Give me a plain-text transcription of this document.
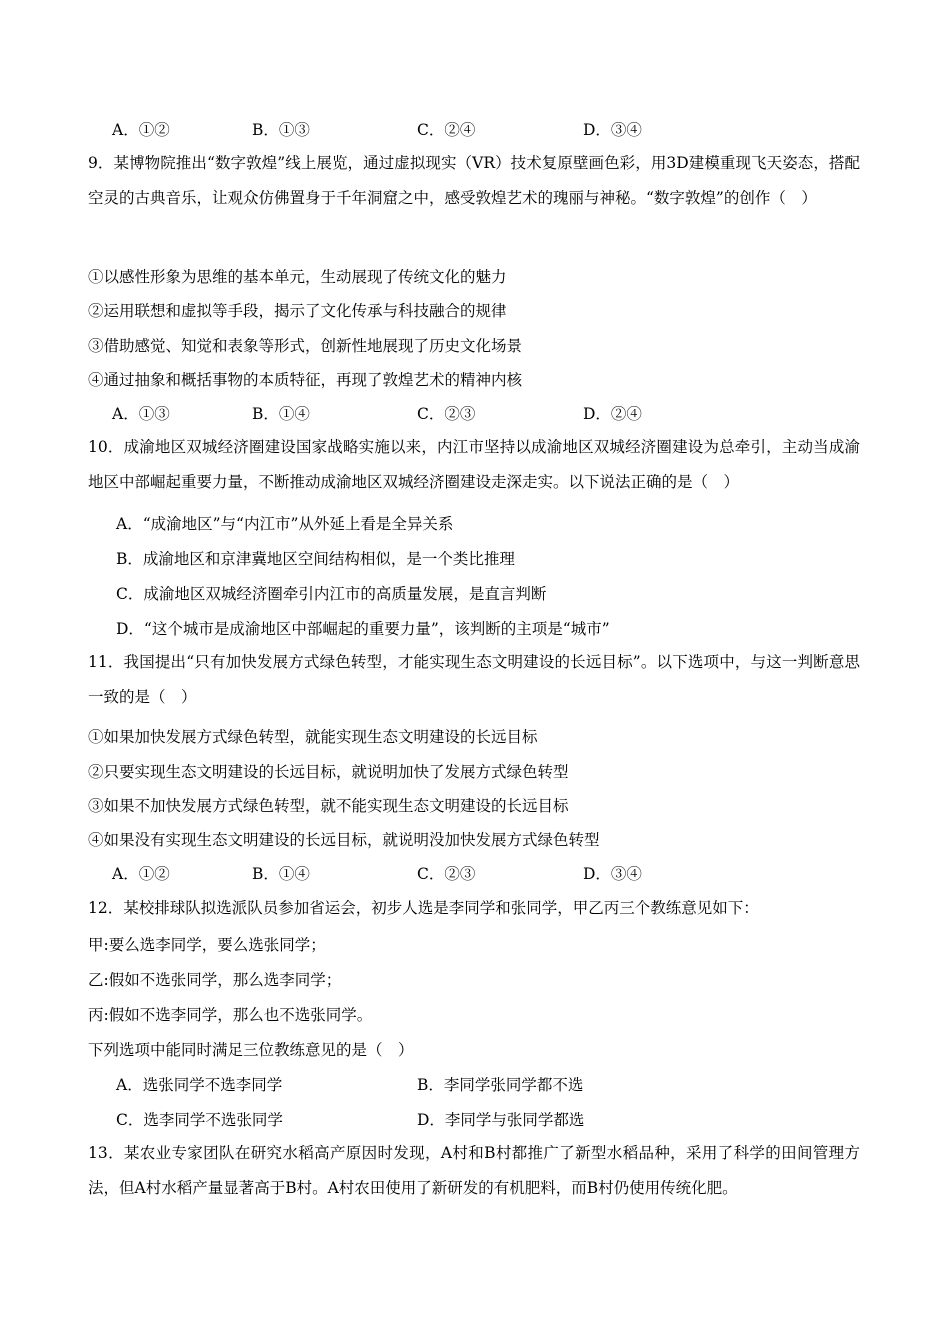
A．①②	B．①③	C．②④	D．③④
9．某博物院推出“数字敦煌”线上展览，通过虚拟现实（VR）技术复原壁画色彩，用3D建模重现飞天姿态，搭配空灵的古典音乐，让观众仿佛置身于千年洞窟之中，感受敦煌艺术的瑰丽与神秘。“数字敦煌”的创作（　）
①以感性形象为思维的基本单元，生动展现了传统文化的魅力
②运用联想和虚拟等手段，揭示了文化传承与科技融合的规律
③借助感觉、知觉和表象等形式，创新性地展现了历史文化场景
④通过抽象和概括事物的本质特征，再现了敦煌艺术的精神内核
A．①③	B．①④	C．②③	D．②④
10．成渝地区双城经济圈建设国家战略实施以来，内江市坚持以成渝地区双城经济圈建设为总牵引，主动当成渝地区中部崛起重要力量，不断推动成渝地区双城经济圈建设走深走实。以下说法正确的是（　）
A．“成渝地区”与“内江市”从外延上看是全异关系
B．成渝地区和京津冀地区空间结构相似，是一个类比推理
C．成渝地区双城经济圈牵引内江市的高质量发展，是直言判断
D．“这个城市是成渝地区中部崛起的重要力量”，该判断的主项是“城市”
11．我国提出“只有加快发展方式绿色转型，才能实现生态文明建设的长远目标”。以下选项中，与这一判断意思一致的是（　）
①如果加快发展方式绿色转型，就能实现生态文明建设的长远目标
②只要实现生态文明建设的长远目标，就说明加快了发展方式绿色转型
③如果不加快发展方式绿色转型，就不能实现生态文明建设的长远目标
④如果没有实现生态文明建设的长远目标，就说明没加快发展方式绿色转型
A．①②	B．①④	C．②③	D．③④
12．某校排球队拟选派队员参加省运会，初步人选是李同学和张同学，甲乙丙三个教练意见如下：
甲:要么选李同学，要么选张同学；
乙:假如不选张同学，那么选李同学；
丙:假如不选李同学，那么也不选张同学。
下列选项中能同时满足三位教练意见的是（　）
A．选张同学不选李同学	B．李同学张同学都不选
C．选李同学不选张同学	D．李同学与张同学都选
13．某农业专家团队在研究水稻高产原因时发现，A村和B村都推广了新型水稻品种，采用了科学的田间管理方法，但A村水稻产量显著高于B村。A村农田使用了新研发的有机肥料，而B村仍使用传统化肥。
